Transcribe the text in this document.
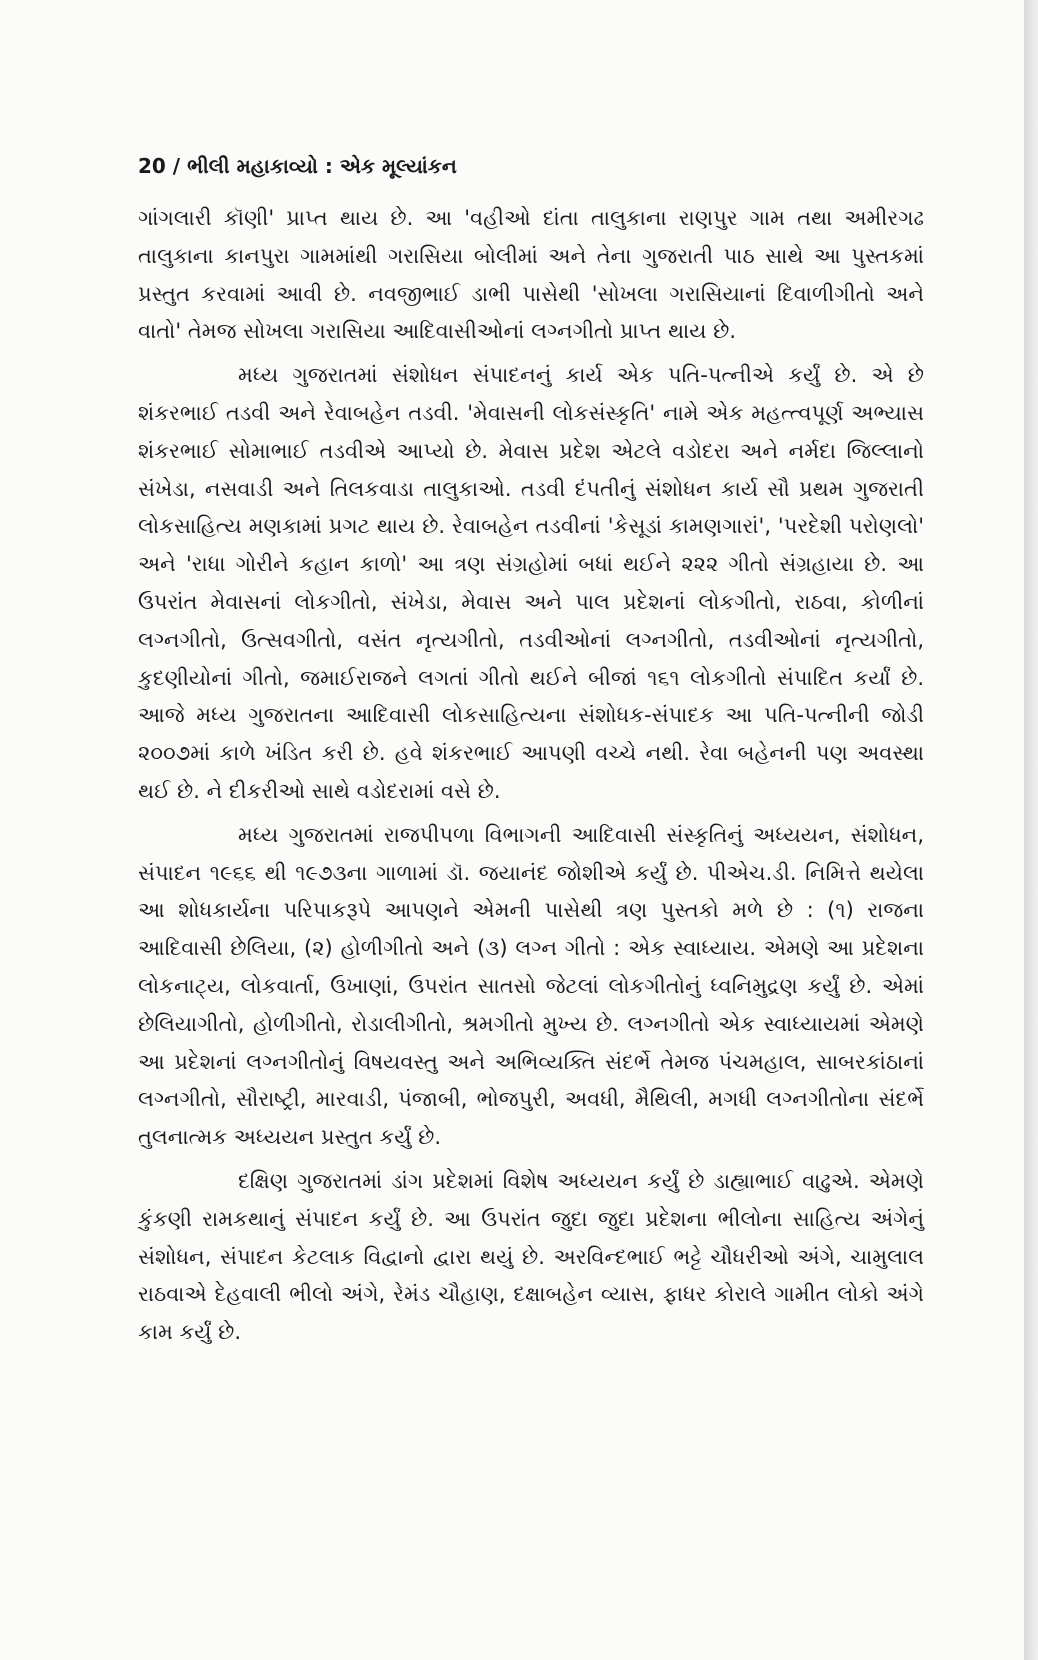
20 / ભીલી મહાકાવ્યો : એક મૂલ્યાંકન

ગાંગલારી કૉણી' પ્રાપ્ત થાય છે. આ 'વહીઓ દાંતા તાલુકાના રાણપુર ગામ તથા અમીરગઢ તાલુકાના કાનપુરા ગામમાંથી ગરાસિયા બોલીમાં અને તેના ગુજરાતી પાઠ સાથે આ પુસ્તકમાં પ્રસ્તુત કરવામાં આવી છે. નવજીભાઈ ડાભી પાસેથી 'સોખલા ગરાસિયાનાં દિવાળીગીતો અને વાતો' તેમજ સોખલા ગરાસિયા આદિવાસીઓનાં લગ્નગીતો પ્રાપ્ત થાય છે.

મધ્ય ગુજરાતમાં સંશોધન સંપાદનનું કાર્ય એક પતિ-પત્નીએ કર્યું છે. એ છે શંકરભાઈ તડવી અને રેવાબહેન તડવી. 'મેવાસની લોકસંસ્કૃતિ' નામે એક મહત્ત્વપૂર્ણ અભ્યાસ શંકરભાઈ સોમાભાઈ તડવીએ આપ્યો છે. મેવાસ પ્રદેશ એટલે વડોદરા અને નર્મદા જિલ્લાનો સંખેડા, નસવાડી અને તિલકવાડા તાલુકાઓ. તડવી દંપતીનું સંશોધન કાર્ય સૌ પ્રથમ ગુજરાતી લોકસાહિત્ય મણકામાં પ્રગટ થાય છે. રેવાબહેન તડવીનાં 'કેસૂડાં કામણગારાં', 'પરદેશી પરોણલો' અને 'રાધા ગોરીને કહાન કાળો' આ ત્રણ સંગ્રહોમાં બધાં થઈને ૨૨૨ ગીતો સંગ્રહાયા છે. આ ઉપરાંત મેવાસનાં લોકગીતો, સંખેડા, મેવાસ અને પાલ પ્રદેશનાં લોકગીતો, રાઠવા, કોળીનાં લગ્નગીતો, ઉત્સવગીતો, વસંત નૃત્યગીતો, તડવીઓનાં લગ્નગીતો, તડવીઓનાં નૃત્યગીતો, કુદણીયોનાં ગીતો, જમાઈરાજને લગતાં ગીતો થઈને બીજાં ૧૬૧ લોકગીતો સંપાદિત કર્યાં છે. આજે મધ્ય ગુજરાતના આદિવાસી લોકસાહિત્યના સંશોધક-સંપાદક આ પતિ-પત્નીની જોડી ૨૦૦૭માં કાળે ખંડિત કરી છે. હવે શંકરભાઈ આપણી વચ્ચે નથી. રેવા બહેનની પણ અવસ્થા થઈ છે. ને દીકરીઓ સાથે વડોદરામાં વસે છે.

મધ્ય ગુજરાતમાં રાજપીપળા વિભાગની આદિવાસી સંસ્કૃતિનું અધ્યયન, સંશોધન, સંપાદન ૧૯૬૬ થી ૧૯૭૩ના ગાળામાં ડૉ. જયાનંદ જોશીએ કર્યું છે. પીએચ.ડી. નિમિત્તે થયેલા આ શોધકાર્યના પરિપાકરૂપે આપણને એમની પાસેથી ત્રણ પુસ્તકો મળે છે : (૧) રાજના આદિવાસી છેલિયા, (૨) હોળીગીતો અને (૩) લગ્ન ગીતો : એક સ્વાધ્યાય. એમણે આ પ્રદેશના લોકનાટ્ય, લોકવાર્તા, ઉખાણાં, ઉપરાંત સાતસો જેટલાં લોકગીતોનું ધ્વનિમુદ્રણ કર્યું છે. એમાં છેલિયાગીતો, હોળીગીતો, રોડાલીગીતો, શ્રમગીતો મુખ્ય છે. લગ્નગીતો એક સ્વાધ્યાયમાં એમણે આ પ્રદેશનાં લગ્નગીતોનું વિષયવસ્તુ અને અભિવ્યક્તિ સંદર્ભે તેમજ પંચમહાલ, સાબરકાંઠાનાં લગ્નગીતો, સૌરાષ્ટ્રી, મારવાડી, પંજાબી, ભોજપુરી, અવધી, મૈથિલી, મગધી લગ્નગીતોના સંદર્ભે તુલનાત્મક અધ્યયન પ્રસ્તુત કર્યું છે.

દક્ષિણ ગુજરાતમાં ડાંગ પ્રદેશમાં વિશેષ અધ્યયન કર્યું છે ડાહ્યાભાઈ વાઢુએ. એમણે કુંકણી રામકથાનું સંપાદન કર્યું છે. આ ઉપરાંત જુદા જુદા પ્રદેશના ભીલોના સાહિત્ય અંગેનું સંશોધન, સંપાદન કેટલાક વિદ્વાનો દ્વારા થયું છે. અરવિન્દભાઈ ભટ્ટે ચૌધરીઓ અંગે, ચામુલાલ રાઠવાએ દેહવાલી ભીલો અંગે, રેમંડ ચૌહાણ, દક્ષાબહેન વ્યાસ, ફાધર કોરાલે ગામીત લોકો અંગે કામ કર્યું છે.
